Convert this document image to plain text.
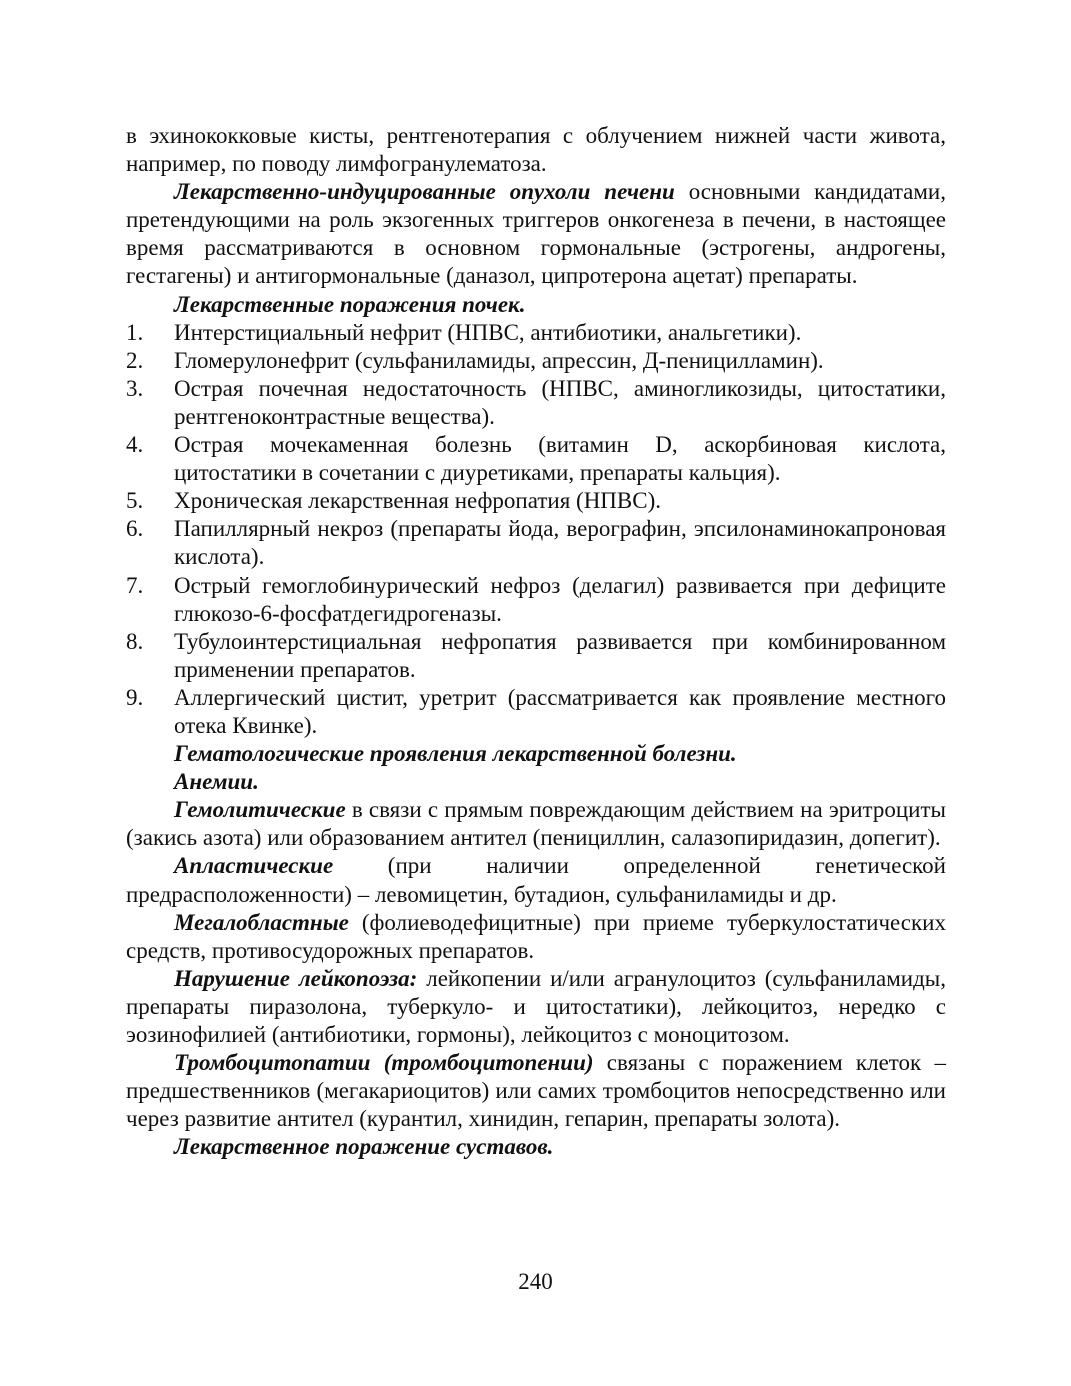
в эхинококковые кисты, рентгенотерапия с облучением нижней части живота, например, по поводу лимфогранулематоза.

Лекарственно-индуцированные опухоли печени основными кандидатами, претендующими на роль экзогенных триггеров онкогенеза в печени, в настоящее время рассматриваются в основном гормональные (эстрогены, андрогены, гестагены) и антигормональные (даназол, ципротерона ацетат) препараты.

Лекарственные поражения почек.

1. Интерстициальный нефрит (НПВС, антибиотики, анальгетики).
2. Гломерулонефрит (сульфаниламиды, апрессин, Д-пеницилламин).
3. Острая почечная недостаточность (НПВС, аминогликозиды, цитостатики, рентгеноконтрастные вещества).
4. Острая мочекаменная болезнь (витамин D, аскорбиновая кислота, цитостатики в сочетании с диуретиками, препараты кальция).
5. Хроническая лекарственная нефропатия (НПВС).
6. Папиллярный некроз (препараты йода, верографин, эпсилонаминокапроновая кислота).
7. Острый гемоглобинурический нефроз (делагил) развивается при дефиците глюкозо-6-фосфатдегидрогеназы.
8. Тубулоинтерстициальная нефропатия развивается при комбинированном применении препаратов.
9. Аллергический цистит, уретрит (рассматривается как проявление местного отека Квинке).

Гематологические проявления лекарственной болезни.

Анемии.

Гемолитические в связи с прямым повреждающим действием на эритроциты (закись азота) или образованием антител (пенициллин, салазопиридазин, допегит).

Апластические (при наличии определенной генетической предрасположенности) – левомицетин, бутадион, сульфаниламиды и др.

Мегалобластные (фолиеводефицитные) при приеме туберкулостатических средств, противосудорожных препаратов.

Нарушение лейкопоэза: лейкопении и/или агранулоцитоз (сульфаниламиды, препараты пиразолона, туберкуло- и цитостатики), лейкоцитоз, нередко с эозинофилией (антибиотики, гормоны), лейкоцитоз с моноцитозом.

Тромбоцитопатии (тромбоцитопении) связаны с поражением клеток – предшественников (мегакариоцитов) или самих тромбоцитов непосредственно или через развитие антител (курантил, хинидин, гепарин, препараты золота).

Лекарственное поражение суставов.

240
